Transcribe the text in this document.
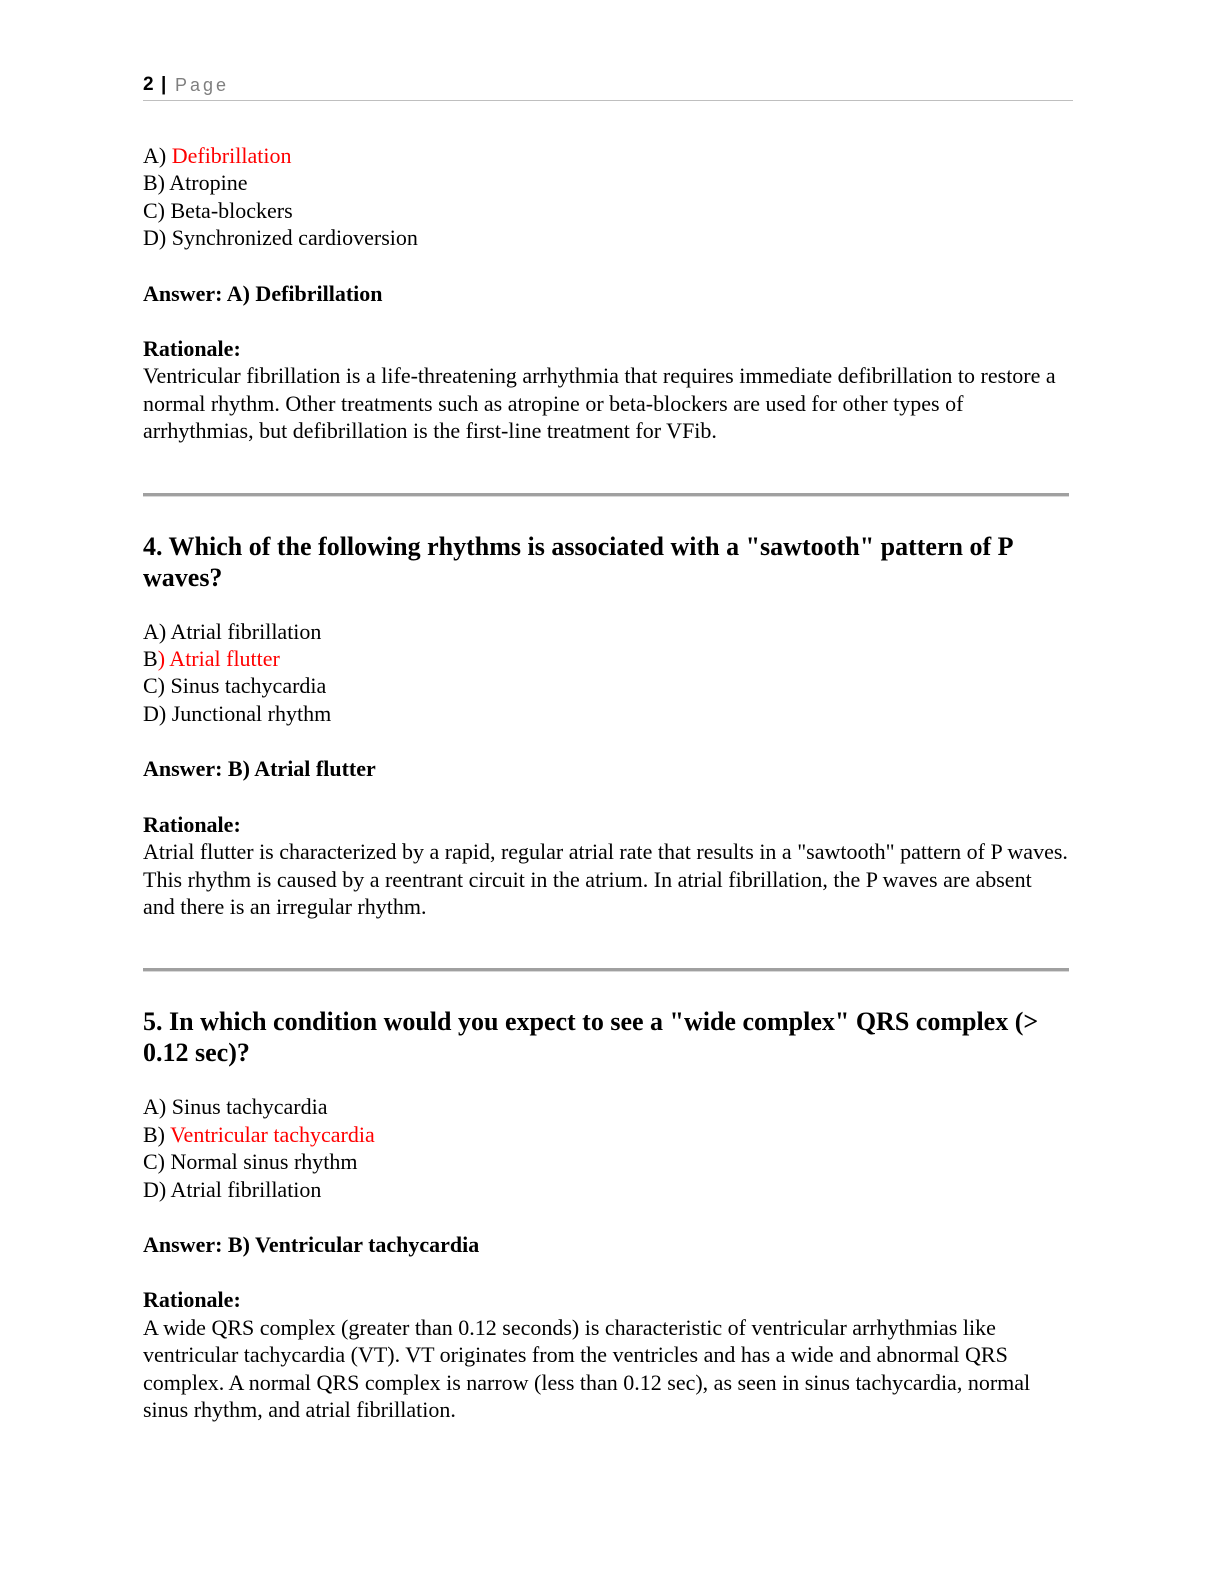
2 | Page

A) Defibrillation

B) Atropine

C) Beta-blockers

D) Synchronized cardioversion

Answer: A) Defibrillation

Rationale:

Ventricular fibrillation is a life-threatening arrhythmia that requires immediate defibrillation to restore a normal rhythm. Other treatments such as atropine or beta-blockers are used for other types of arrhythmias, but defibrillation is the first-line treatment for VFib.

4. Which of the following rhythms is associated with a "sawtooth" pattern of P waves?

A) Atrial fibrillation

B) Atrial flutter

C) Sinus tachycardia

D) Junctional rhythm

Answer: B) Atrial flutter

Rationale:

Atrial flutter is characterized by a rapid, regular atrial rate that results in a "sawtooth" pattern of P waves. This rhythm is caused by a reentrant circuit in the atrium. In atrial fibrillation, the P waves are absent and there is an irregular rhythm.

5. In which condition would you expect to see a "wide complex" QRS complex (> 0.12 sec)?

A) Sinus tachycardia

B) Ventricular tachycardia

C) Normal sinus rhythm

D) Atrial fibrillation

Answer: B) Ventricular tachycardia

Rationale:

A wide QRS complex (greater than 0.12 seconds) is characteristic of ventricular arrhythmias like ventricular tachycardia (VT). VT originates from the ventricles and has a wide and abnormal QRS complex. A normal QRS complex is narrow (less than 0.12 sec), as seen in sinus tachycardia, normal sinus rhythm, and atrial fibrillation.
